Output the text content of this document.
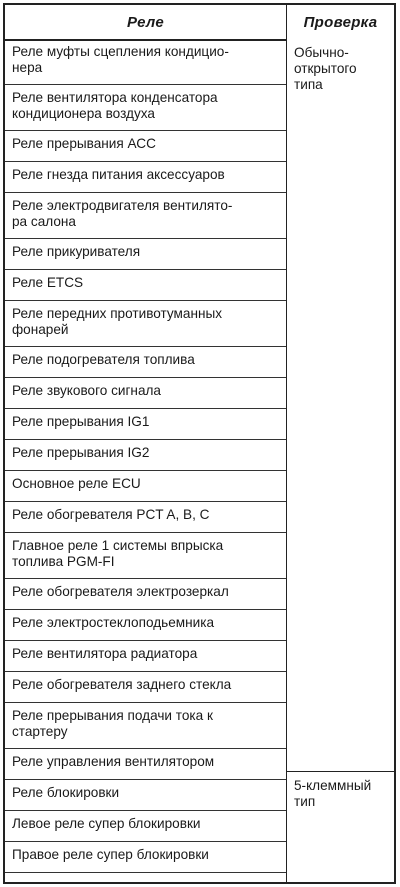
Реле	Проверка
Реле муфты сцепления кондицио-
нера
Реле вентилятора конденсатора
кондиционера воздуха
Реле прерывания АСС
Реле гнезда питания аксессуаров
Реле электродвигателя вентилято-
ра салона
Реле прикуривателя
Реле ETCS
Реле передних противотуманных
фонарей
Реле подогревателя топлива
Реле звукового сигнала
Реле прерывания IG1
Реле прерывания IG2
Основное реле ECU
Реле обогревателя PCT A, B, C
Главное реле 1 системы впрыска
топлива PGM-FI
Реле обогревателя электрозеркал
Реле электростеклоподьемника
Реле вентилятора радиатора
Реле обогревателя заднего стекла
Реле прерывания подачи тока к
стартеру
Обычно-
открытого типа
Реле управления вентилятором
Реле блокировки
Левое реле супер блокировки
Правое реле супер блокировки
5-клеммный
тип
